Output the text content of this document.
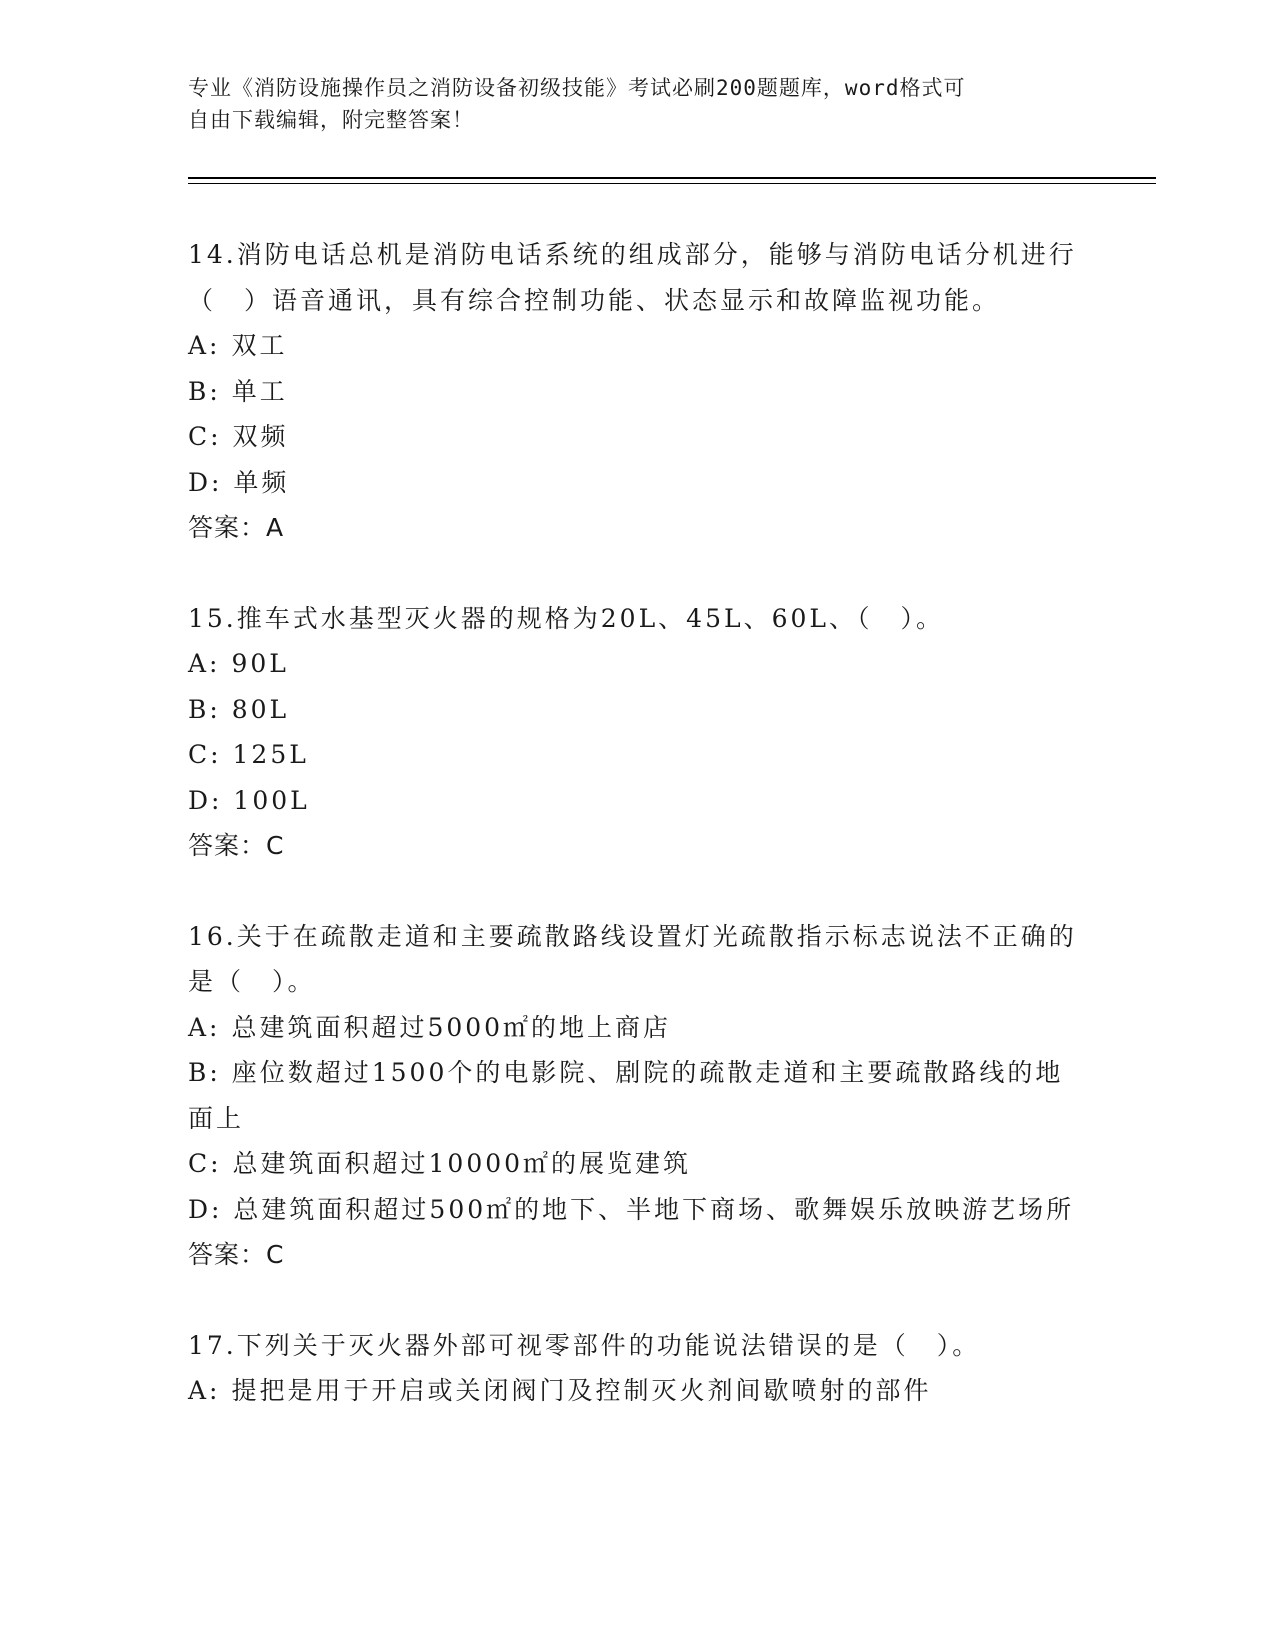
专业《消防设施操作员之消防设备初级技能》考试必刷200题题库，word格式可
自由下载编辑，附完整答案！
14.消防电话总机是消防电话系统的组成部分，能够与消防电话分机进行（　）语音通讯，具有综合控制功能、状态显示和故障监视功能。
A: 双工
B: 单工
C: 双频
D: 单频
答案：A
15.推车式水基型灭火器的规格为20L、45L、60L、（　）。
A: 90L
B: 80L
C: 125L
D: 100L
答案：C
16.关于在疏散走道和主要疏散路线设置灯光疏散指示标志说法不正确的是（　）。
A: 总建筑面积超过5000㎡的地上商店
B: 座位数超过1500个的电影院、剧院的疏散走道和主要疏散路线的地面上
C: 总建筑面积超过10000㎡的展览建筑
D: 总建筑面积超过500㎡的地下、半地下商场、歌舞娱乐放映游艺场所
答案：C
17.下列关于灭火器外部可视零部件的功能说法错误的是（　）。
A: 提把是用于开启或关闭阀门及控制灭火剂间歇喷射的部件
